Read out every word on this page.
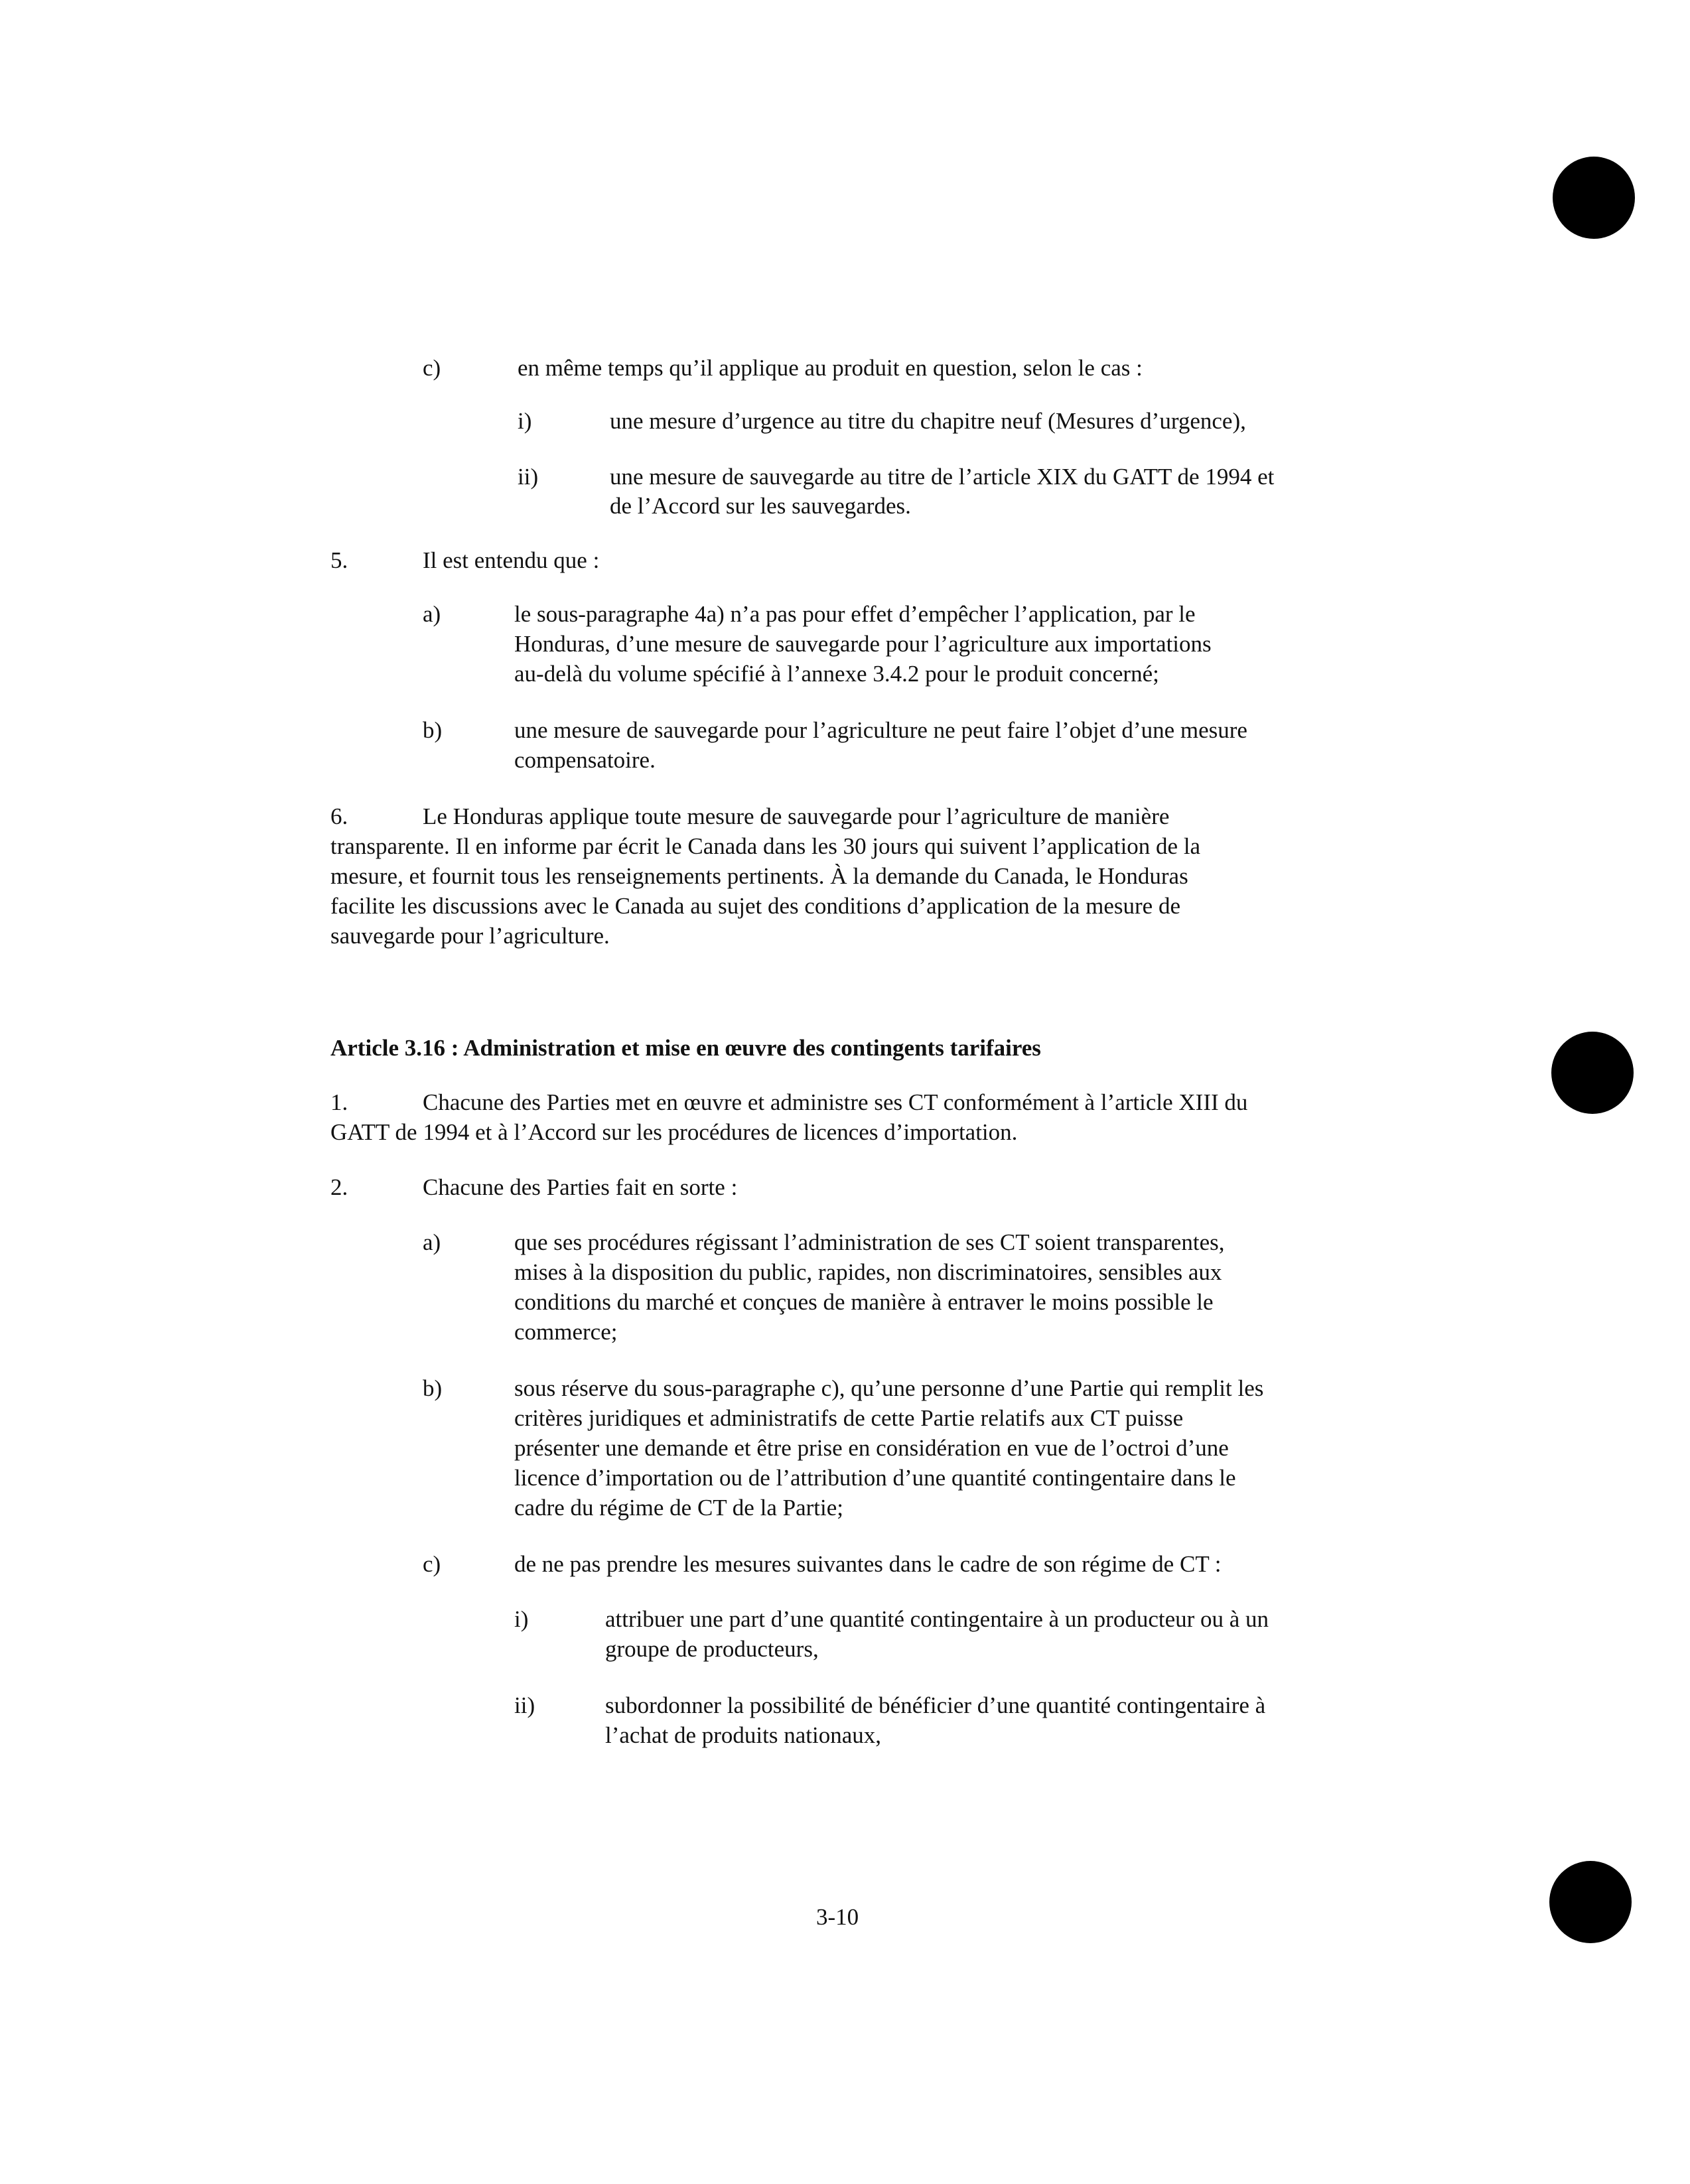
c)	en même temps qu’il applique au produit en question, selon le cas :

i)	une mesure d’urgence au titre du chapitre neuf (Mesures d’urgence),

ii)	une mesure de sauvegarde au titre de l’article XIX du GATT de 1994 et

de l’Accord sur les sauvegardes.

5.	Il est entendu que :

a)	le sous-paragraphe 4a) n’a pas pour effet d’empêcher l’application, par le

Honduras, d’une mesure de sauvegarde pour l’agriculture aux importations

au-delà du volume spécifié à l’annexe 3.4.2 pour le produit concerné;

b)	une mesure de sauvegarde pour l’agriculture ne peut faire l’objet d’une mesure

compensatoire.

6.	Le Honduras applique toute mesure de sauvegarde pour l’agriculture de manière

transparente. Il en informe par écrit le Canada dans les 30 jours qui suivent l’application de la

mesure, et fournit tous les renseignements pertinents. À la demande du Canada, le Honduras

facilite les discussions avec le Canada au sujet des conditions d’application de la mesure de

sauvegarde pour l’agriculture.

Article 3.16 : Administration et mise en œuvre des contingents tarifaires
1.	Chacune des Parties met en œuvre et administre ses CT conformément à l’article XIII du

GATT de 1994 et à l’Accord sur les procédures de licences d’importation.

2.	Chacune des Parties fait en sorte :

a)	que ses procédures régissant l’administration de ses CT soient transparentes,

mises à la disposition du public, rapides, non discriminatoires, sensibles aux

conditions du marché et conçues de manière à entraver le moins possible le

commerce;

b)	sous réserve du sous-paragraphe c), qu’une personne d’une Partie qui remplit les

critères juridiques et administratifs de cette Partie relatifs aux CT puisse

présenter une demande et être prise en considération en vue de l’octroi d’une

licence d’importation ou de l’attribution d’une quantité contingentaire dans le

cadre du régime de CT de la Partie;

c)	de ne pas prendre les mesures suivantes dans le cadre de son régime de CT :

i)	attribuer une part d’une quantité contingentaire à un producteur ou à un

groupe de producteurs,

ii)	subordonner la possibilité de bénéficier d’une quantité contingentaire à

l’achat de produits nationaux,

3-10
